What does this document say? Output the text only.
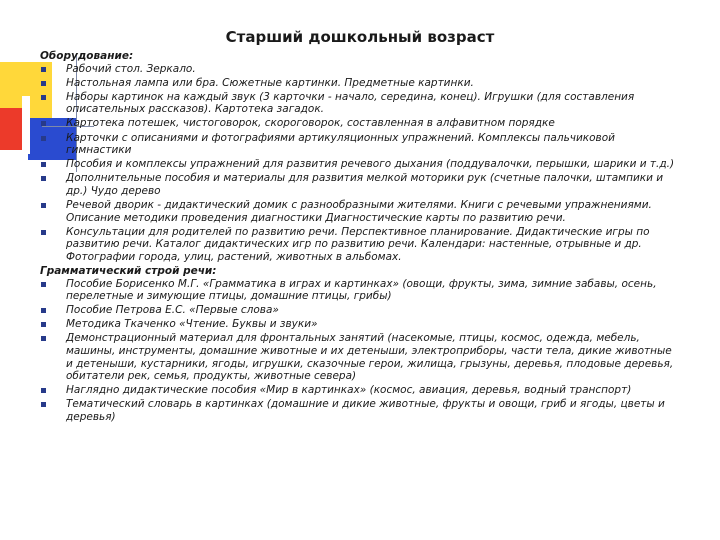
Старший дошкольный возраст
Оборудование:
Рабочий стол. Зеркало.
Настольная лампа или бра. Сюжетные картинки. Предметные картинки.
Наборы картинок на каждый звук (3 карточки - начало, середина, конец). Игрушки (для составления описательных рассказов). Картотека загадок.
Картотека потешек, чистоговорок, скороговорок, составленная в алфавитном порядке
Карточки с описаниями и фотографиями артикуляционных упражнений. Комплексы пальчиковой гимнастики
Пособия и комплексы упражнений для развития речевого дыхания (поддувалочки, перышки, шарики и т.д.)
Дополнительные пособия и материалы для развития мелкой моторики рук (счетные палочки, штампики и др.) Чудо дерево
Речевой дворик - дидактический домик с разнообразными жителями. Книги с речевыми упражнениями. Описание методики проведения диагностики Диагностические карты по развитию речи.
Консультации для родителей по развитию речи. Перспективное планирование. Дидактические игры по развитию речи. Каталог дидактических игр по развитию речи. Календари: настенные, отрывные и др. Фотографии города, улиц, растений, животных в альбомах.
Грамматический строй речи:
Пособие Борисенко М.Г. «Грамматика в играх и картинках» (овощи, фрукты, зима, зимние забавы, осень, перелетные и зимующие птицы, домашние птицы, грибы)
Пособие Петрова Е.С. «Первые слова»
Методика Ткаченко «Чтение. Буквы и звуки»
Демонстрационный материал для фронтальных занятий (насекомые, птицы, космос, одежда, мебель, машины, инструменты, домашние животные и их детеныши, электроприборы, части тела, дикие животные и детеныши, кустарники, ягоды, игрушки, сказочные герои, жилища, грызуны, деревья, плодовые деревья, обитатели рек, семья, продукты, животные севера)
Наглядно дидактические пособия «Мир в картинках» (космос, авиация, деревья, водный транспорт)
Тематический словарь в картинках (домашние и дикие животные, фрукты и овощи, гриб и ягоды, цветы и деревья)
